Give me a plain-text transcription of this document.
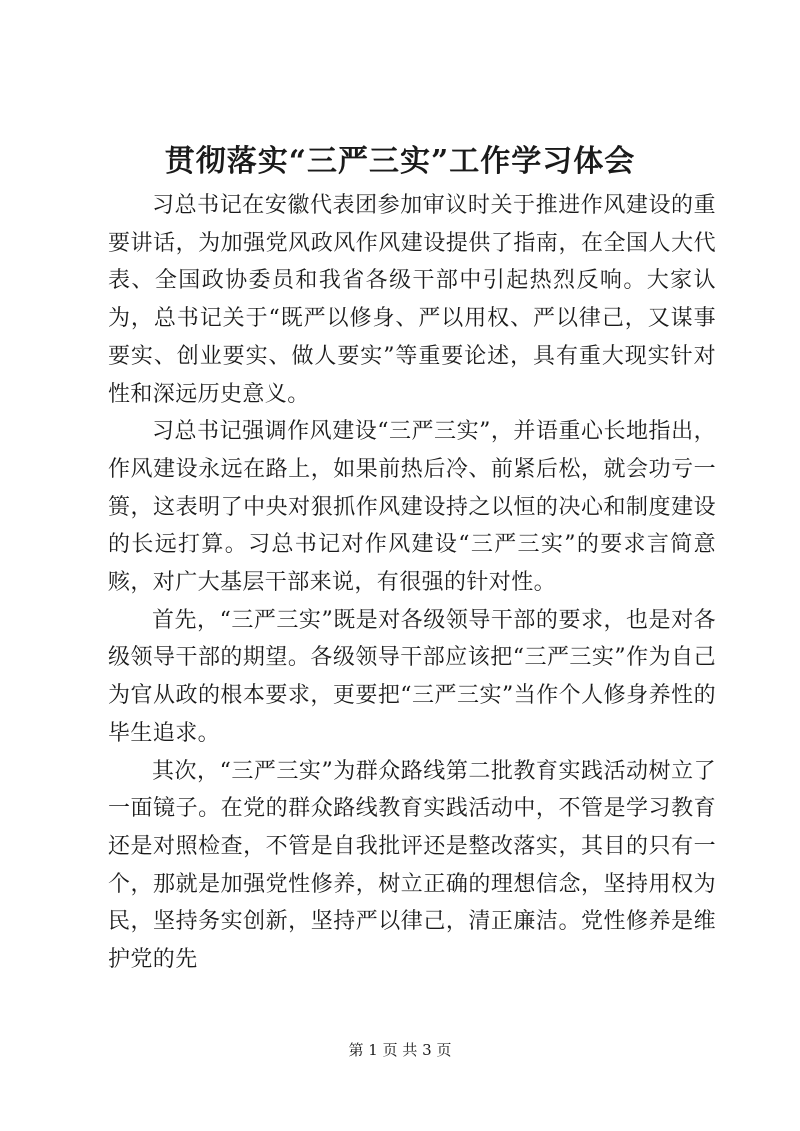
贯彻落实“三严三实”工作学习体会

习总书记在安徽代表团参加审议时关于推进作风建设的重要讲话，为加强党风政风作风建设提供了指南，在全国人大代表、全国政协委员和我省各级干部中引起热烈反响。大家认为，总书记关于“既严以修身、严以用权、严以律己，又谋事要实、创业要实、做人要实”等重要论述，具有重大现实针对性和深远历史意义。

习总书记强调作风建设“三严三实”，并语重心长地指出，作风建设永远在路上，如果前热后冷、前紧后松，就会功亏一篑，这表明了中央对狠抓作风建设持之以恒的决心和制度建设的长远打算。习总书记对作风建设“三严三实”的要求言简意赅，对广大基层干部来说，有很强的针对性。

首先，“三严三实”既是对各级领导干部的要求，也是对各级领导干部的期望。各级领导干部应该把“三严三实”作为自己为官从政的根本要求，更要把“三严三实”当作个人修身养性的毕生追求。

其次，“三严三实”为群众路线第二批教育实践活动树立了一面镜子。在党的群众路线教育实践活动中，不管是学习教育还是对照检查，不管是自我批评还是整改落实，其目的只有一个，那就是加强党性修养，树立正确的理想信念，坚持用权为民，坚持务实创新，坚持严以律己，清正廉洁。党性修养是维护党的先

第 1 页 共 3 页
